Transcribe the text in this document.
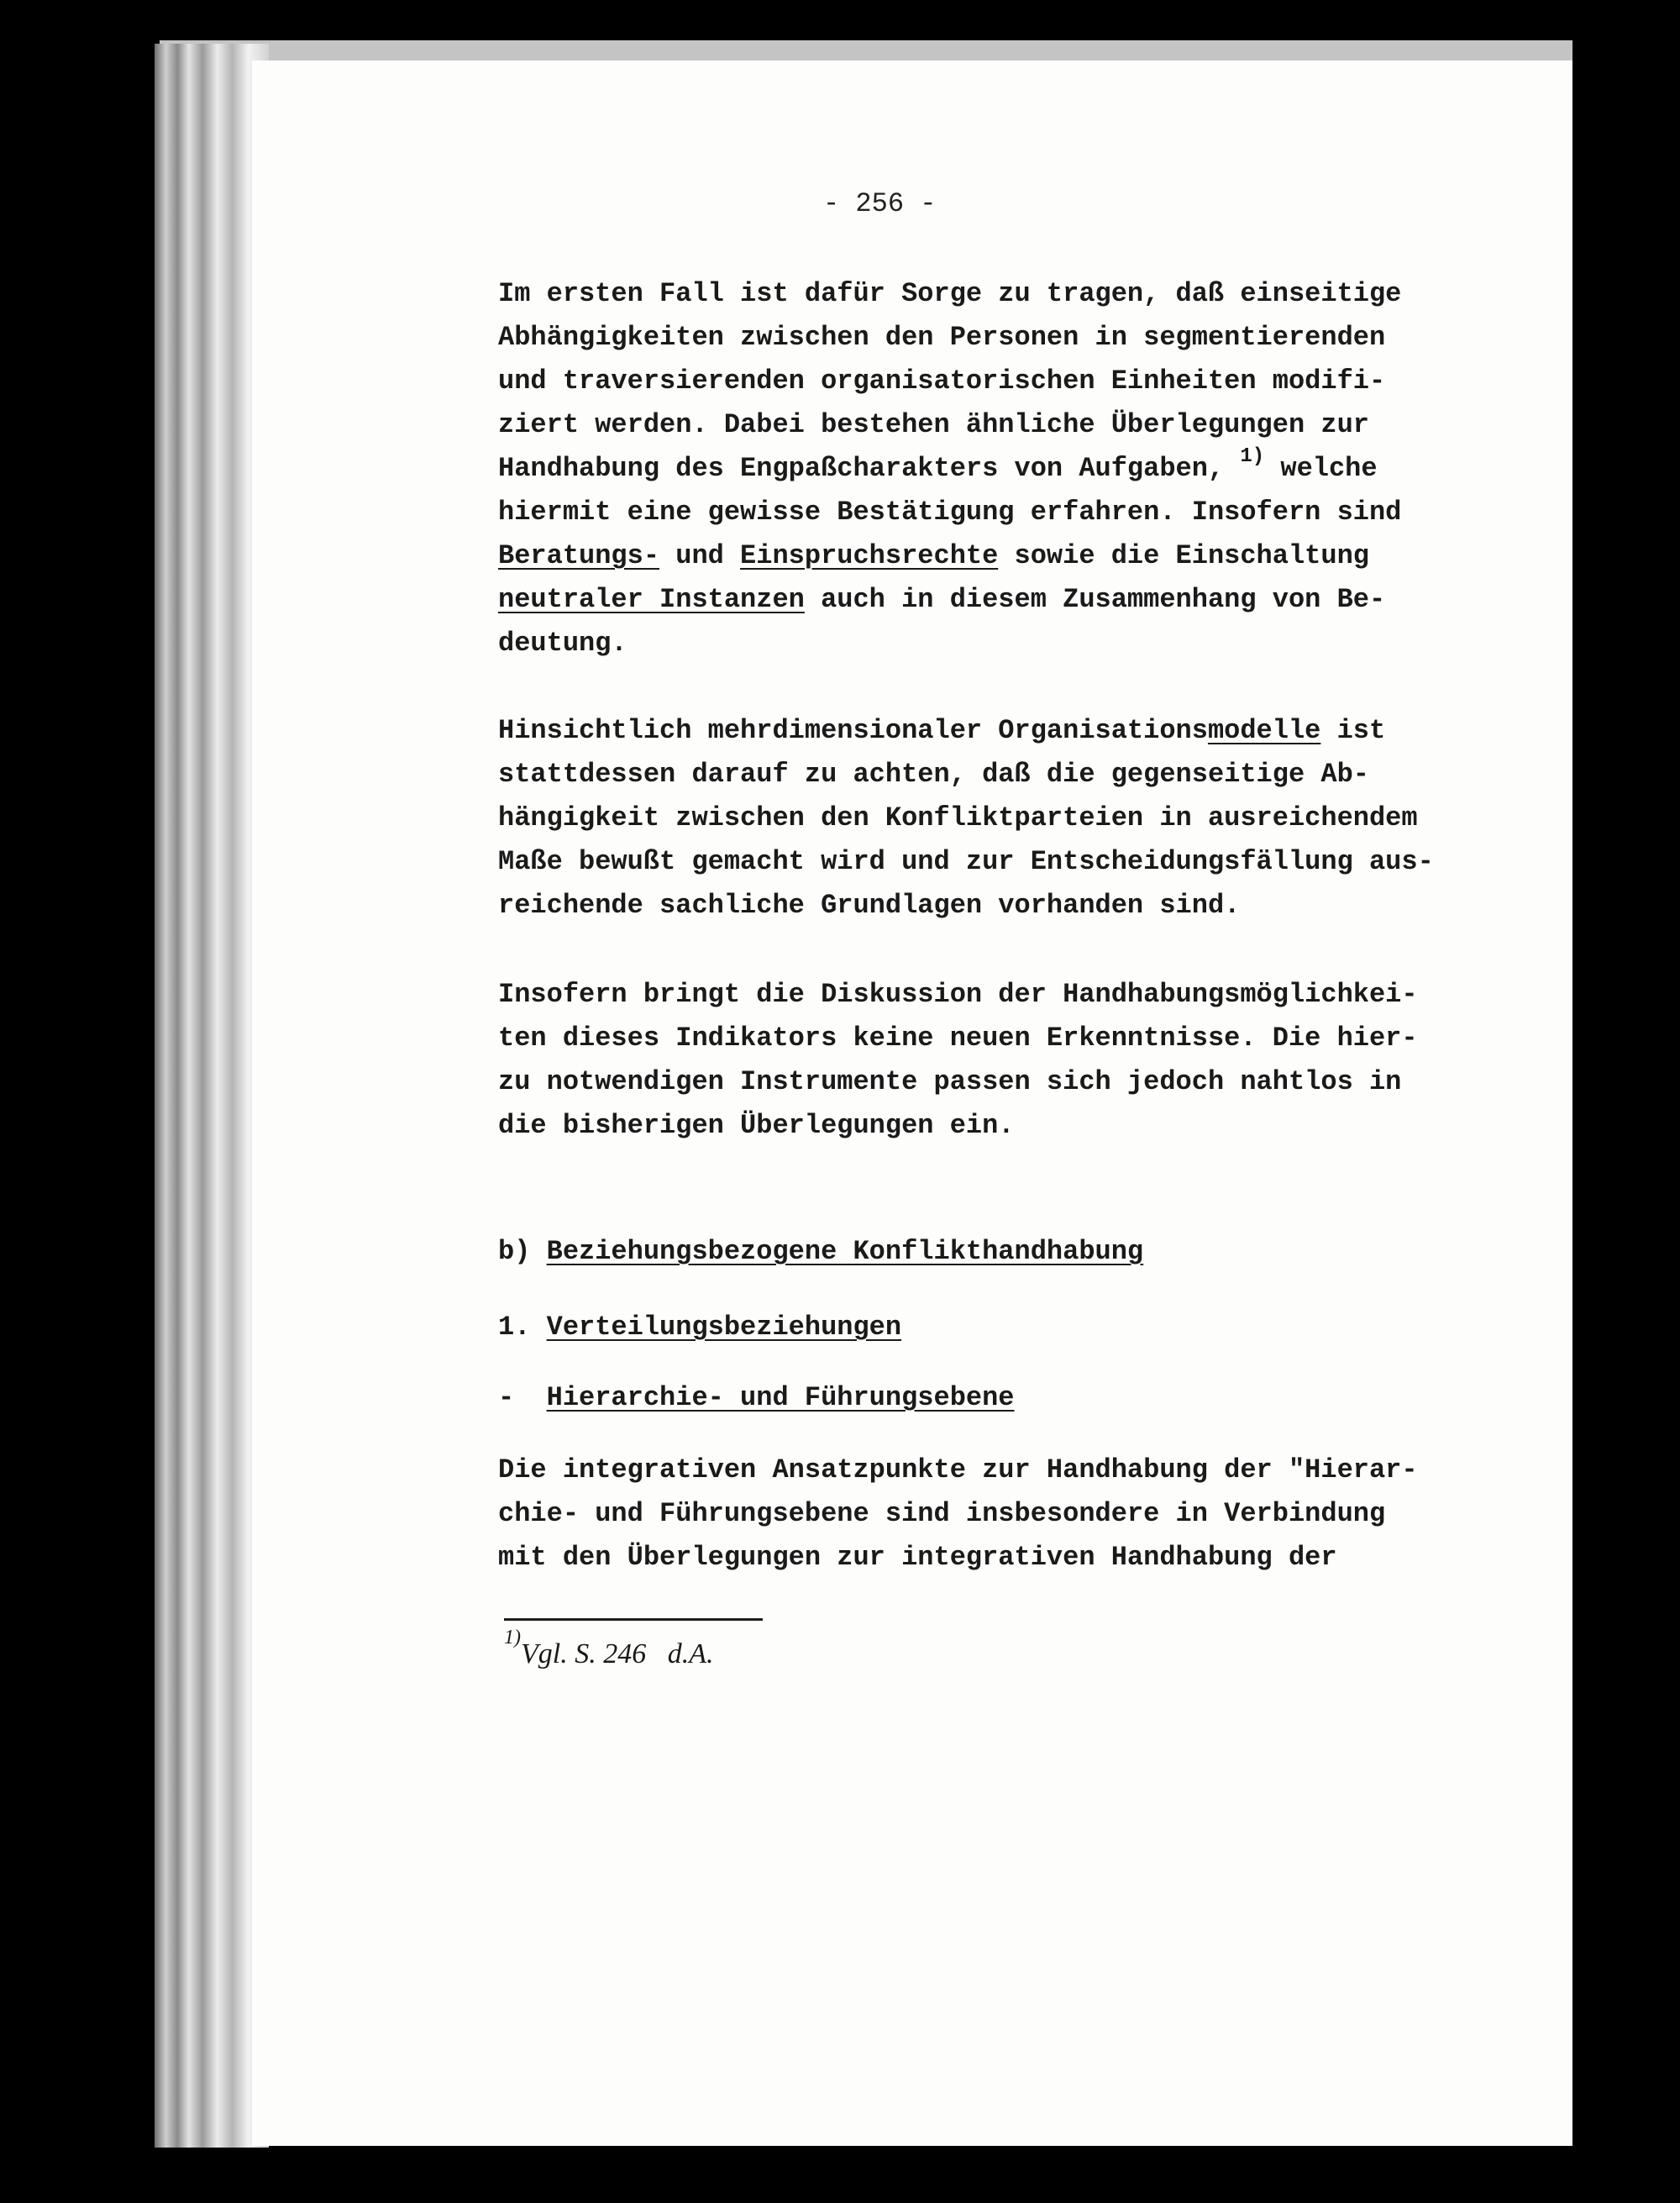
- 256 -

Im ersten Fall ist dafür Sorge zu tragen, daß einseitige

Abhängigkeiten zwischen den Personen in segmentierenden

und traversierenden organisatorischen Einheiten modifi-

ziert werden. Dabei bestehen ähnliche Überlegungen zur

Handhabung des Engpaßcharakters von Aufgaben, $^{1)}$ welche

hiermit eine gewisse Bestätigung erfahren. Insofern sind

Beratungs- und Einspruchsrechte sowie die Einschaltung

neutraler Instanzen auch in diesem Zusammenhang von Be-

deutung.

Hinsichtlich mehrdimensionaler Organisationsmodelle ist

stattdessen darauf zu achten, daß die gegenseitige Ab-

hängigkeit zwischen den Konfliktparteien in ausreichendem

Maße bewußt gemacht wird und zur Entscheidungsfällung aus-

reichende sachliche Grundlagen vorhanden sind.

Insofern bringt die Diskussion der Handhabungsmöglichkei-

ten dieses Indikators keine neuen Erkenntnisse. Die hier-

zu notwendigen Instrumente passen sich jedoch nahtlos in

die bisherigen Überlegungen ein.

b) Beziehungsbezogene Konflikthandhabung

1. Verteilungsbeziehungen

- Hierarchie- und Führungsebene

Die integrativen Ansatzpunkte zur Handhabung der "Hierar-

chie- und Führungsebene sind insbesondere in Verbindung

mit den Überlegungen zur integrativen Handhabung der

$^{1)}$Vgl. S. 246   d.A.
